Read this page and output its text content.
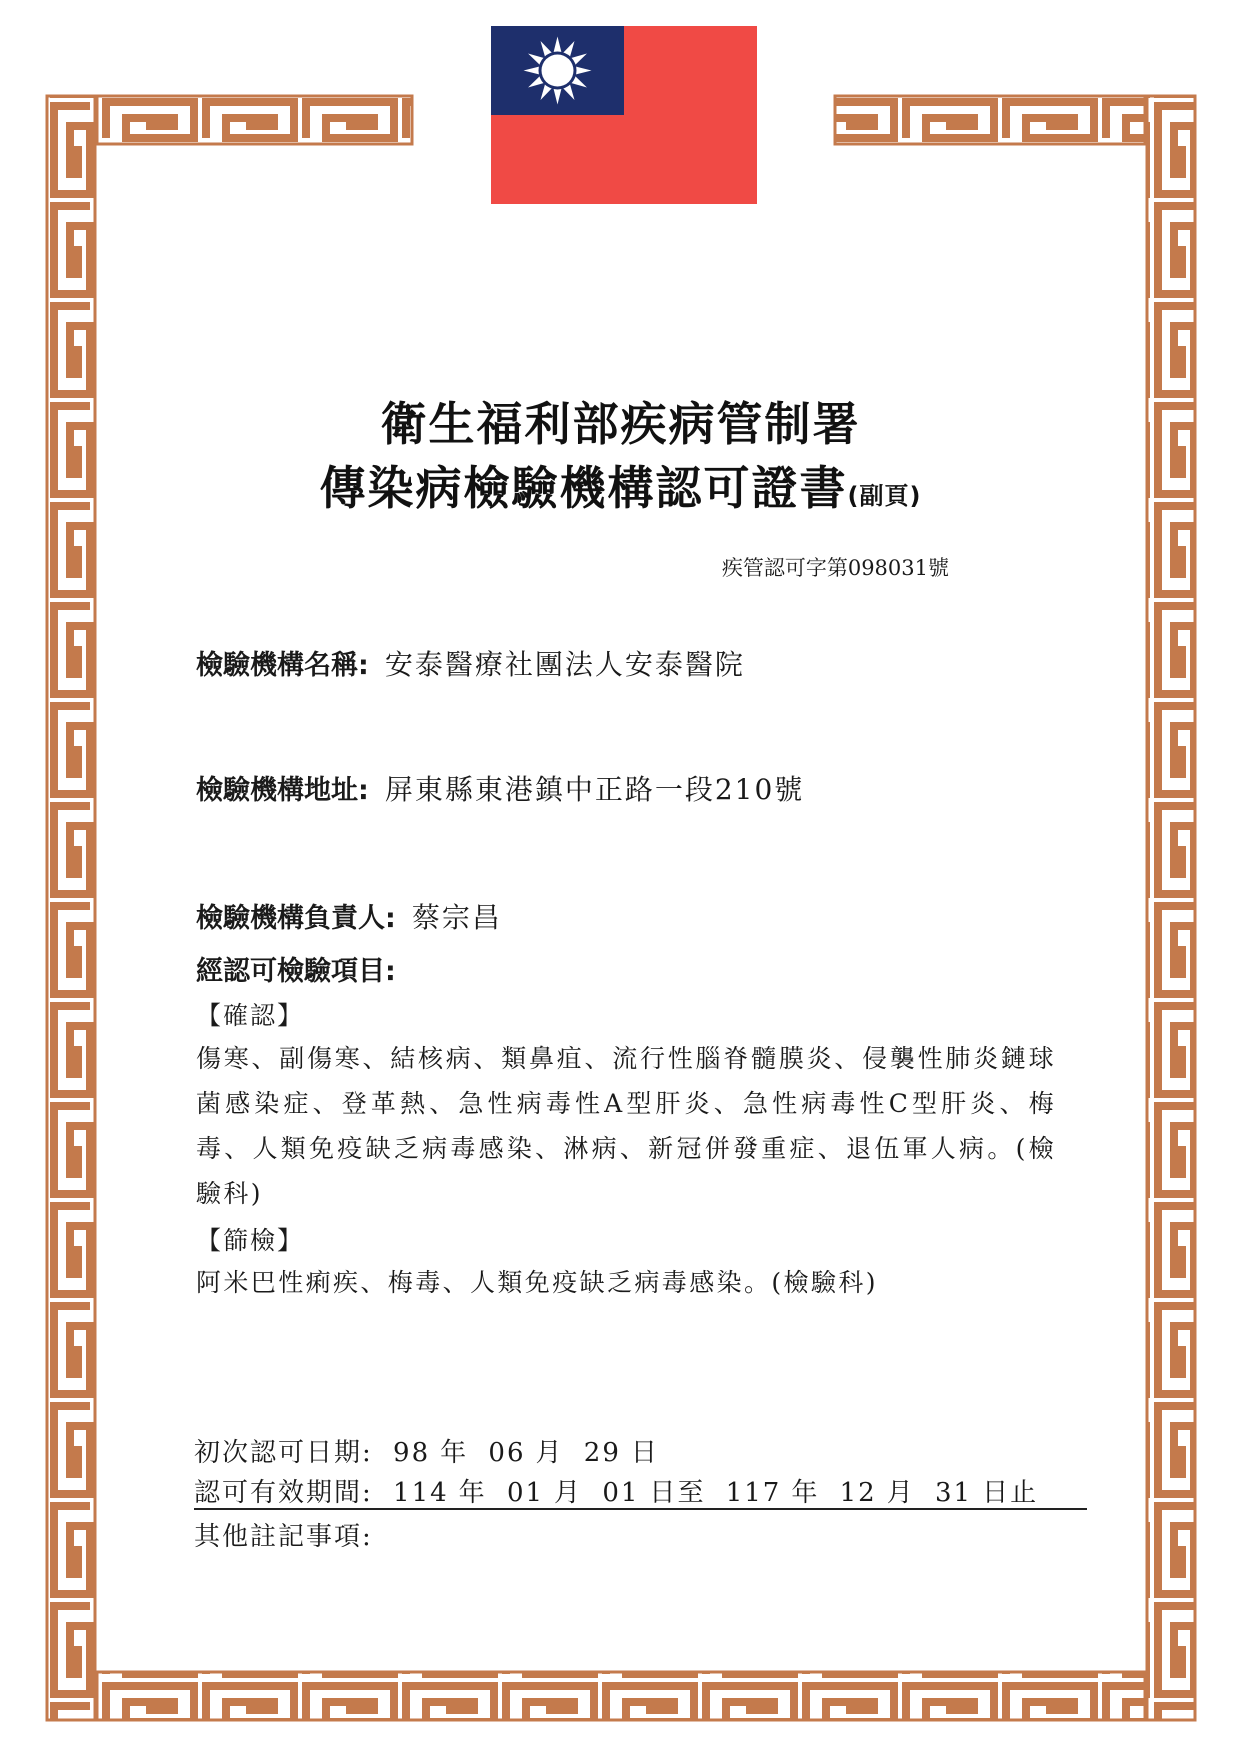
衛生福利部疾病管制署
傳染病檢驗機構認可證書(副頁)
疾管認可字第098031號
檢驗機構名稱: 安泰醫療社團法人安泰醫院
檢驗機構地址: 屏東縣東港鎮中正路一段210號
檢驗機構負責人: 蔡宗昌
經認可檢驗項目:
【確認】
傷寒、副傷寒、結核病、類鼻疽、流行性腦脊髓膜炎、侵襲性肺炎鏈球菌感染症、登革熱、急性病毒性A型肝炎、急性病毒性C型肝炎、梅毒、人類免疫缺乏病毒感染、淋病、新冠併發重症、退伍軍人病。(檢驗科)
【篩檢】
阿米巴性痢疾、梅毒、人類免疫缺乏病毒感染。(檢驗科)
初次認可日期: 98 年 06 月 29 日
認可有效期間: 114 年 01 月 01 日至 117 年 12 月 31 日止
其他註記事項:
